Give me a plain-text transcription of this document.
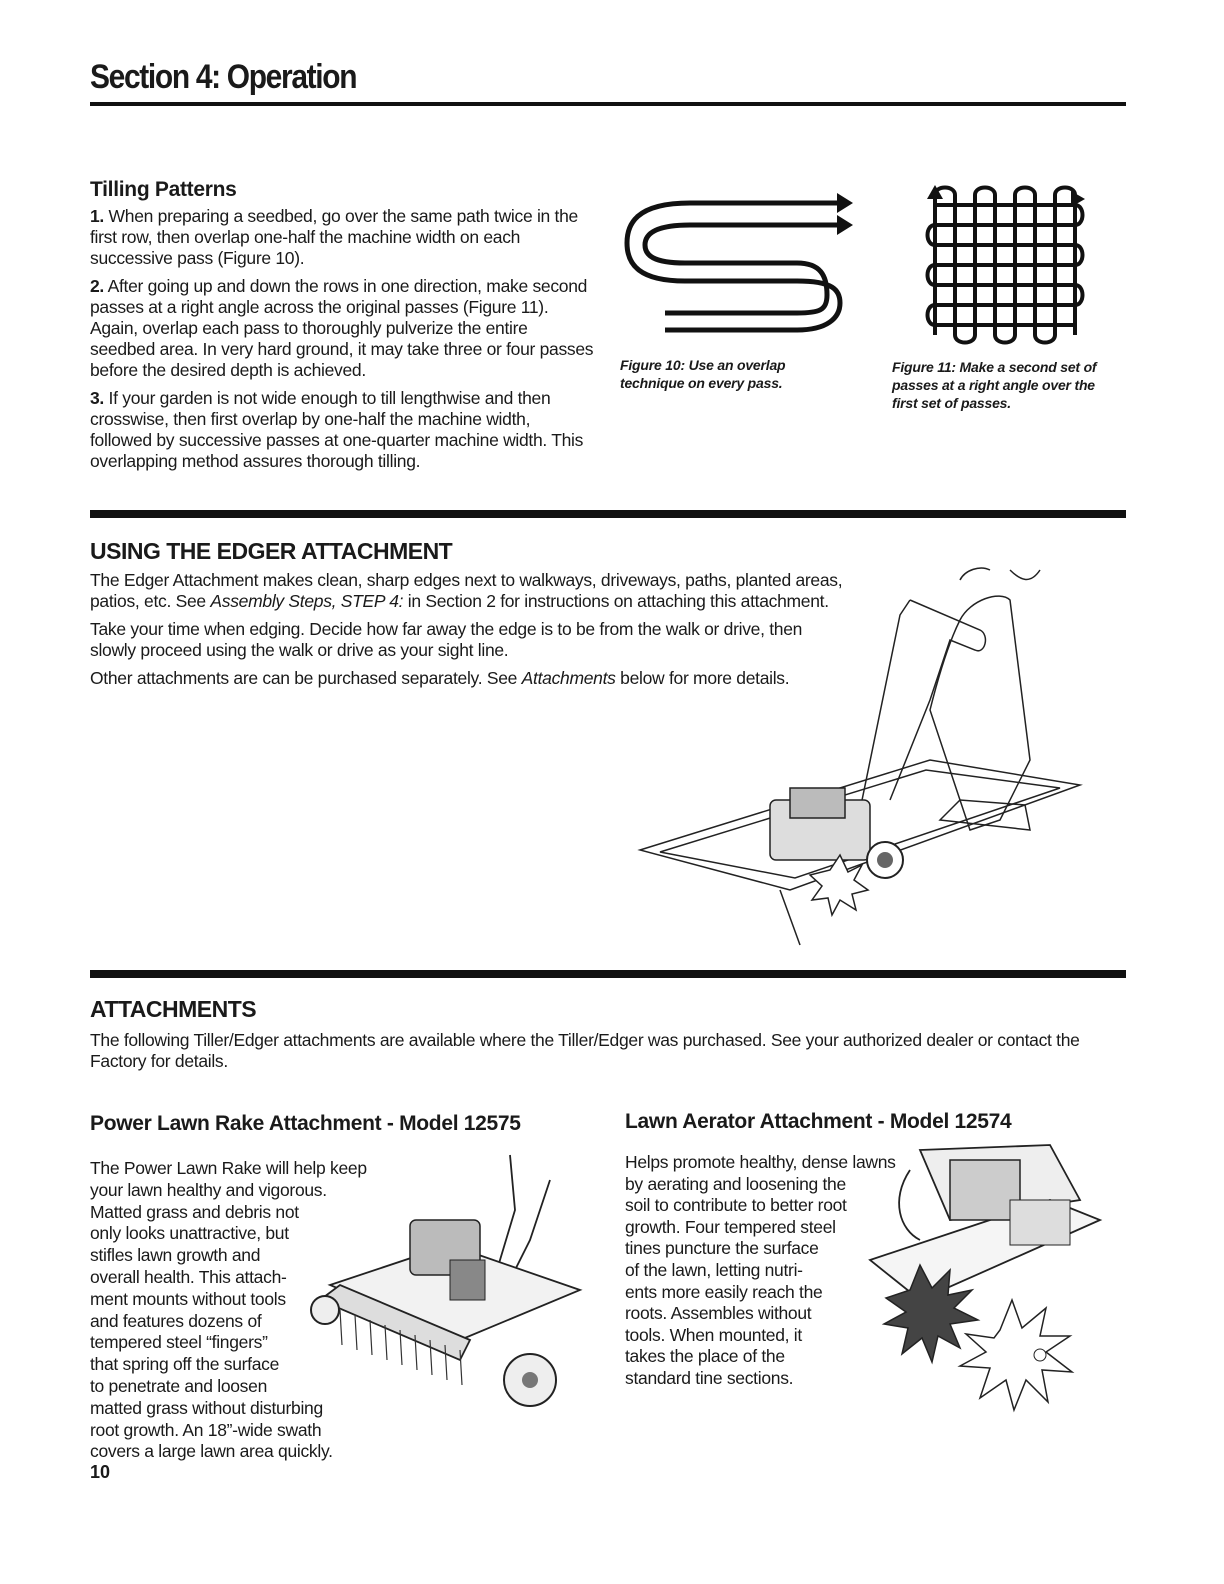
Section 4: Operation
Tilling Patterns

1. When preparing a seedbed, go over the same path twice in the first row, then overlap one-half the machine width on each successive pass (Figure 10).

2. After going up and down the rows in one direction, make second passes at a right angle across the original passes (Figure 11). Again, overlap each pass to thoroughly pulverize the entire seedbed area. In very hard ground, it may take three or four passes before the desired depth is achieved.

3. If your garden is not wide enough to till lengthwise and then crosswise, then first overlap by one-half the machine width, followed by successive passes at one-quarter machine width. This overlapping method assures thorough tilling.

Figure 10: Use an overlap technique on every pass.
Figure 11: Make a second set of passes at a right angle over the first set of passes.
USING THE EDGER ATTACHMENT

The Edger Attachment makes clean, sharp edges next to walkways, driveways, paths, planted areas, patios, etc. See Assembly Steps, STEP 4: in Section 2 for instructions on attaching this attachment.

Take your time when edging. Decide how far away the edge is to be from the walk or drive, then slowly proceed using the walk or drive as your sight line.

Other attachments are can be purchased separately. See Attachments below for more details.

ATTACHMENTS
The following Tiller/Edger attachments are available where the Tiller/Edger was purchased. See your authorized dealer or contact the Factory for details.
Power Lawn Rake Attachment - Model 12575
The Power Lawn Rake will help keep
your lawn healthy and vigorous.
Matted grass and debris not
only looks unattractive, but
stifles lawn growth and
overall health. This attach-
ment mounts without tools
and features dozens of
tempered steel “fingers”
that spring off the surface
to penetrate and loosen
matted grass without disturbing
root growth. An 18”-wide swath
covers a large lawn area quickly.
Lawn Aerator Attachment - Model 12574
Helps promote healthy, dense lawns
by aerating and loosening the
soil to contribute to better root
growth. Four tempered steel
tines puncture the surface
of the lawn, letting nutri-
ents more easily reach the
roots. Assembles without
tools. When mounted, it
takes the place of the
standard tine sections.
10
